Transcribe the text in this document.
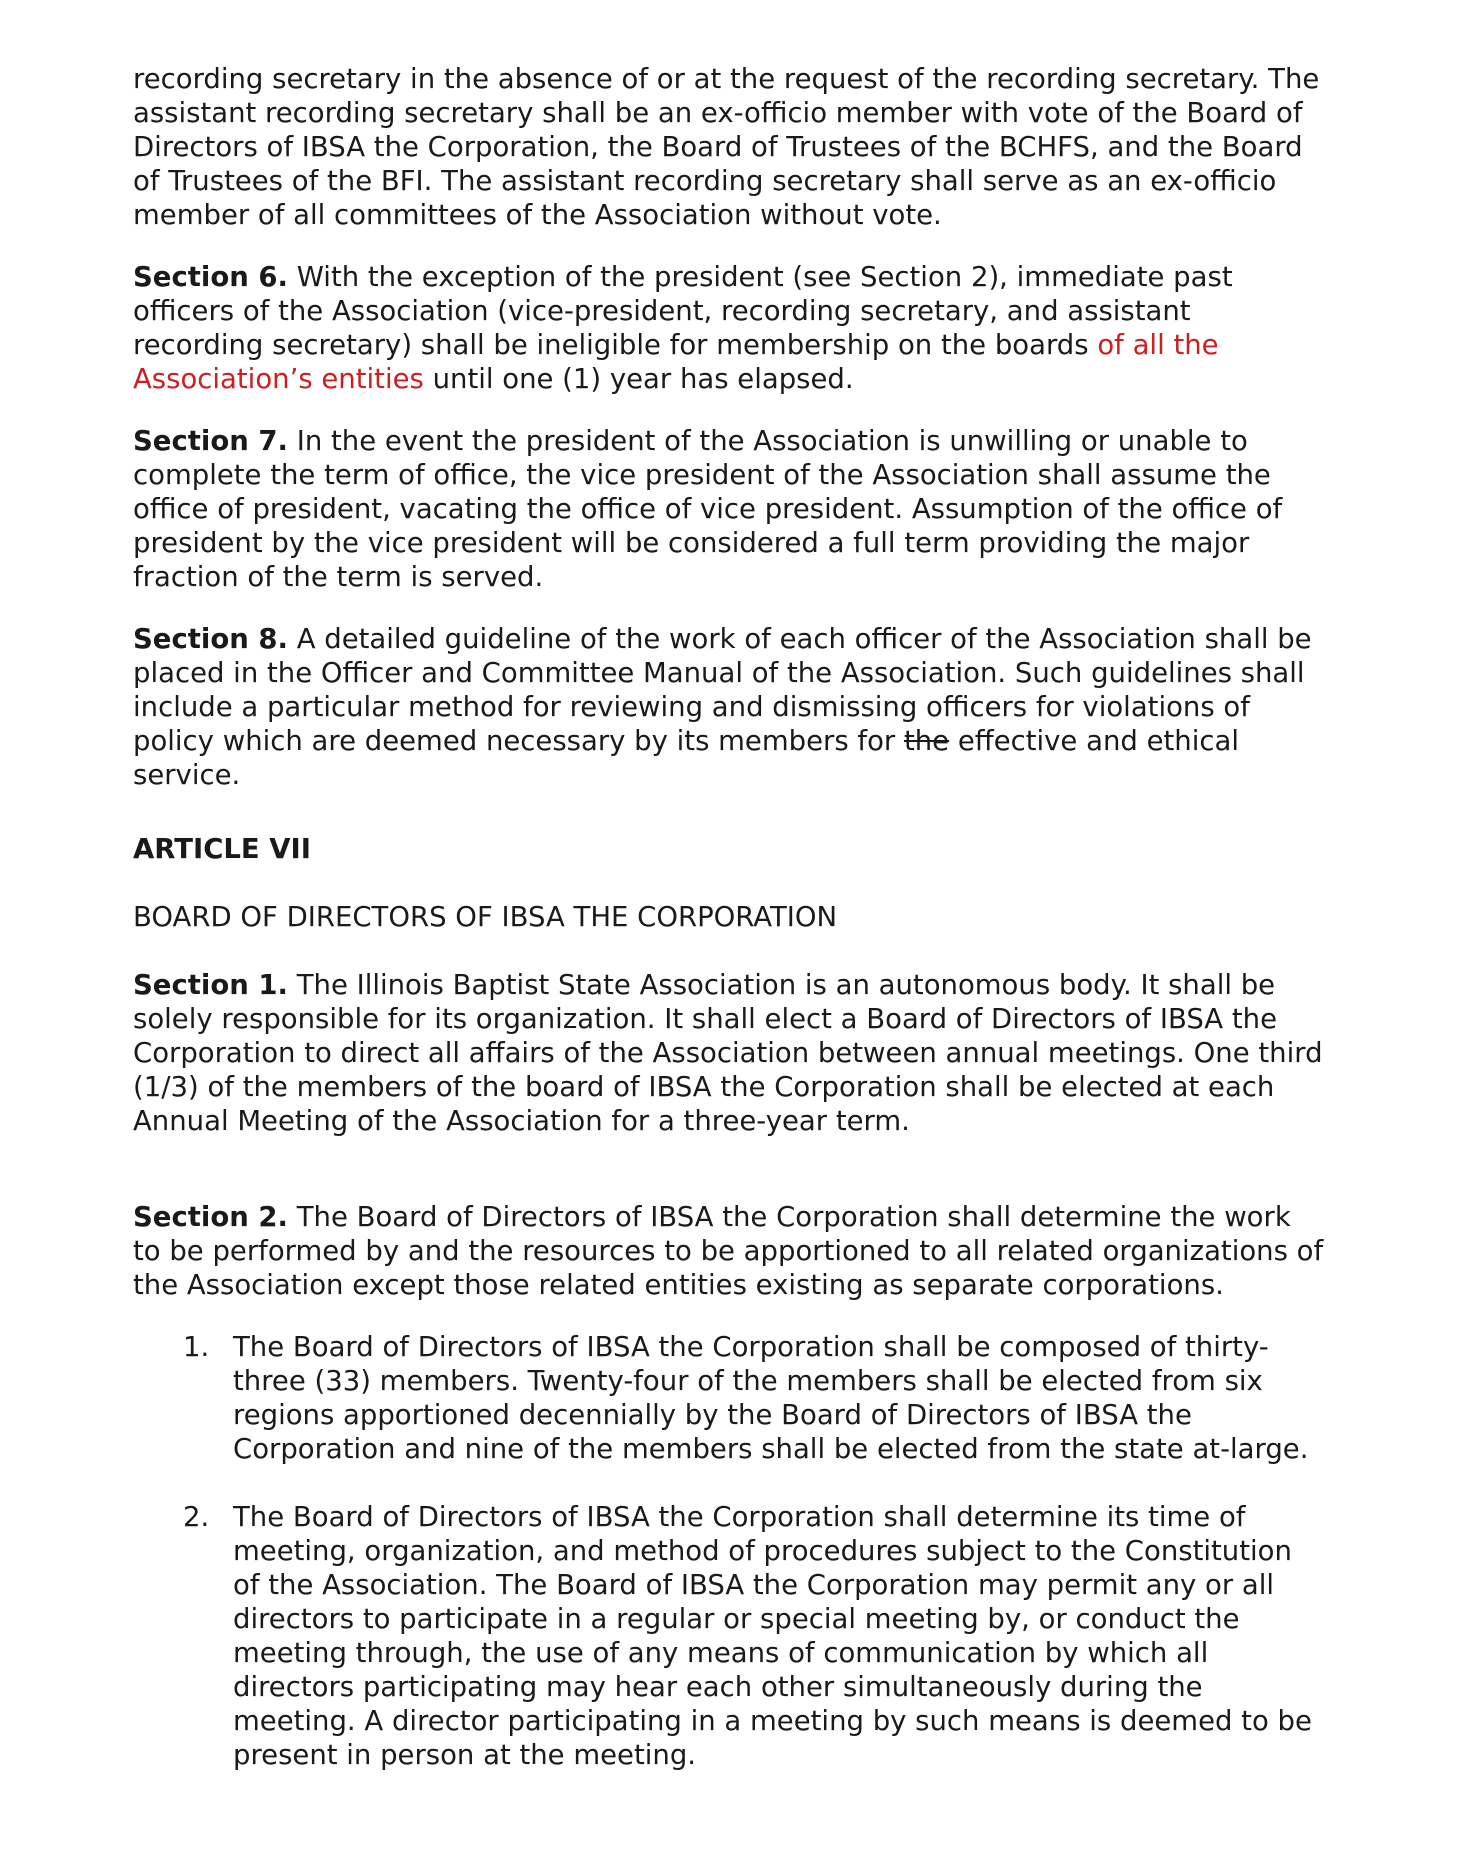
recording secretary in the absence of or at the request of the recording secretary. The assistant recording secretary shall be an ex-officio member with vote of the Board of Directors of IBSA the Corporation, the Board of Trustees of the BCHFS, and the Board of Trustees of the BFI. The assistant recording secretary shall serve as an ex-officio member of all committees of the Association without vote.

Section 6. With the exception of the president (see Section 2), immediate past officers of the Association (vice-president, recording secretary, and assistant recording secretary) shall be ineligible for membership on the boards of all the Association’s entities until one (1) year has elapsed.

Section 7. In the event the president of the Association is unwilling or unable to complete the term of office, the vice president of the Association shall assume the office of president, vacating the office of vice president. Assumption of the office of president by the vice president will be considered a full term providing the major fraction of the term is served.

Section 8. A detailed guideline of the work of each officer of the Association shall be placed in the Officer and Committee Manual of the Association. Such guidelines shall include a particular method for reviewing and dismissing officers for violations of policy which are deemed necessary by its members for the effective and ethical service.

ARTICLE VII

BOARD OF DIRECTORS OF IBSA THE CORPORATION

Section 1. The Illinois Baptist State Association is an autonomous body. It shall be solely responsible for its organization. It shall elect a Board of Directors of IBSA the Corporation to direct all affairs of the Association between annual meetings. One third (1/3) of the members of the board of IBSA the Corporation shall be elected at each Annual Meeting of the Association for a three-year term.

Section 2. The Board of Directors of IBSA the Corporation shall determine the work to be performed by and the resources to be apportioned to all related organizations of the Association except those related entities existing as separate corporations.

1. The Board of Directors of IBSA the Corporation shall be composed of thirty-three (33) members. Twenty-four of the members shall be elected from six regions apportioned decennially by the Board of Directors of IBSA the Corporation and nine of the members shall be elected from the state at-large.
2. The Board of Directors of IBSA the Corporation shall determine its time of meeting, organization, and method of procedures subject to the Constitution of the Association. The Board of IBSA the Corporation may permit any or all directors to participate in a regular or special meeting by, or conduct the meeting through, the use of any means of communication by which all directors participating may hear each other simultaneously during the meeting. A director participating in a meeting by such means is deemed to be present in person at the meeting.
